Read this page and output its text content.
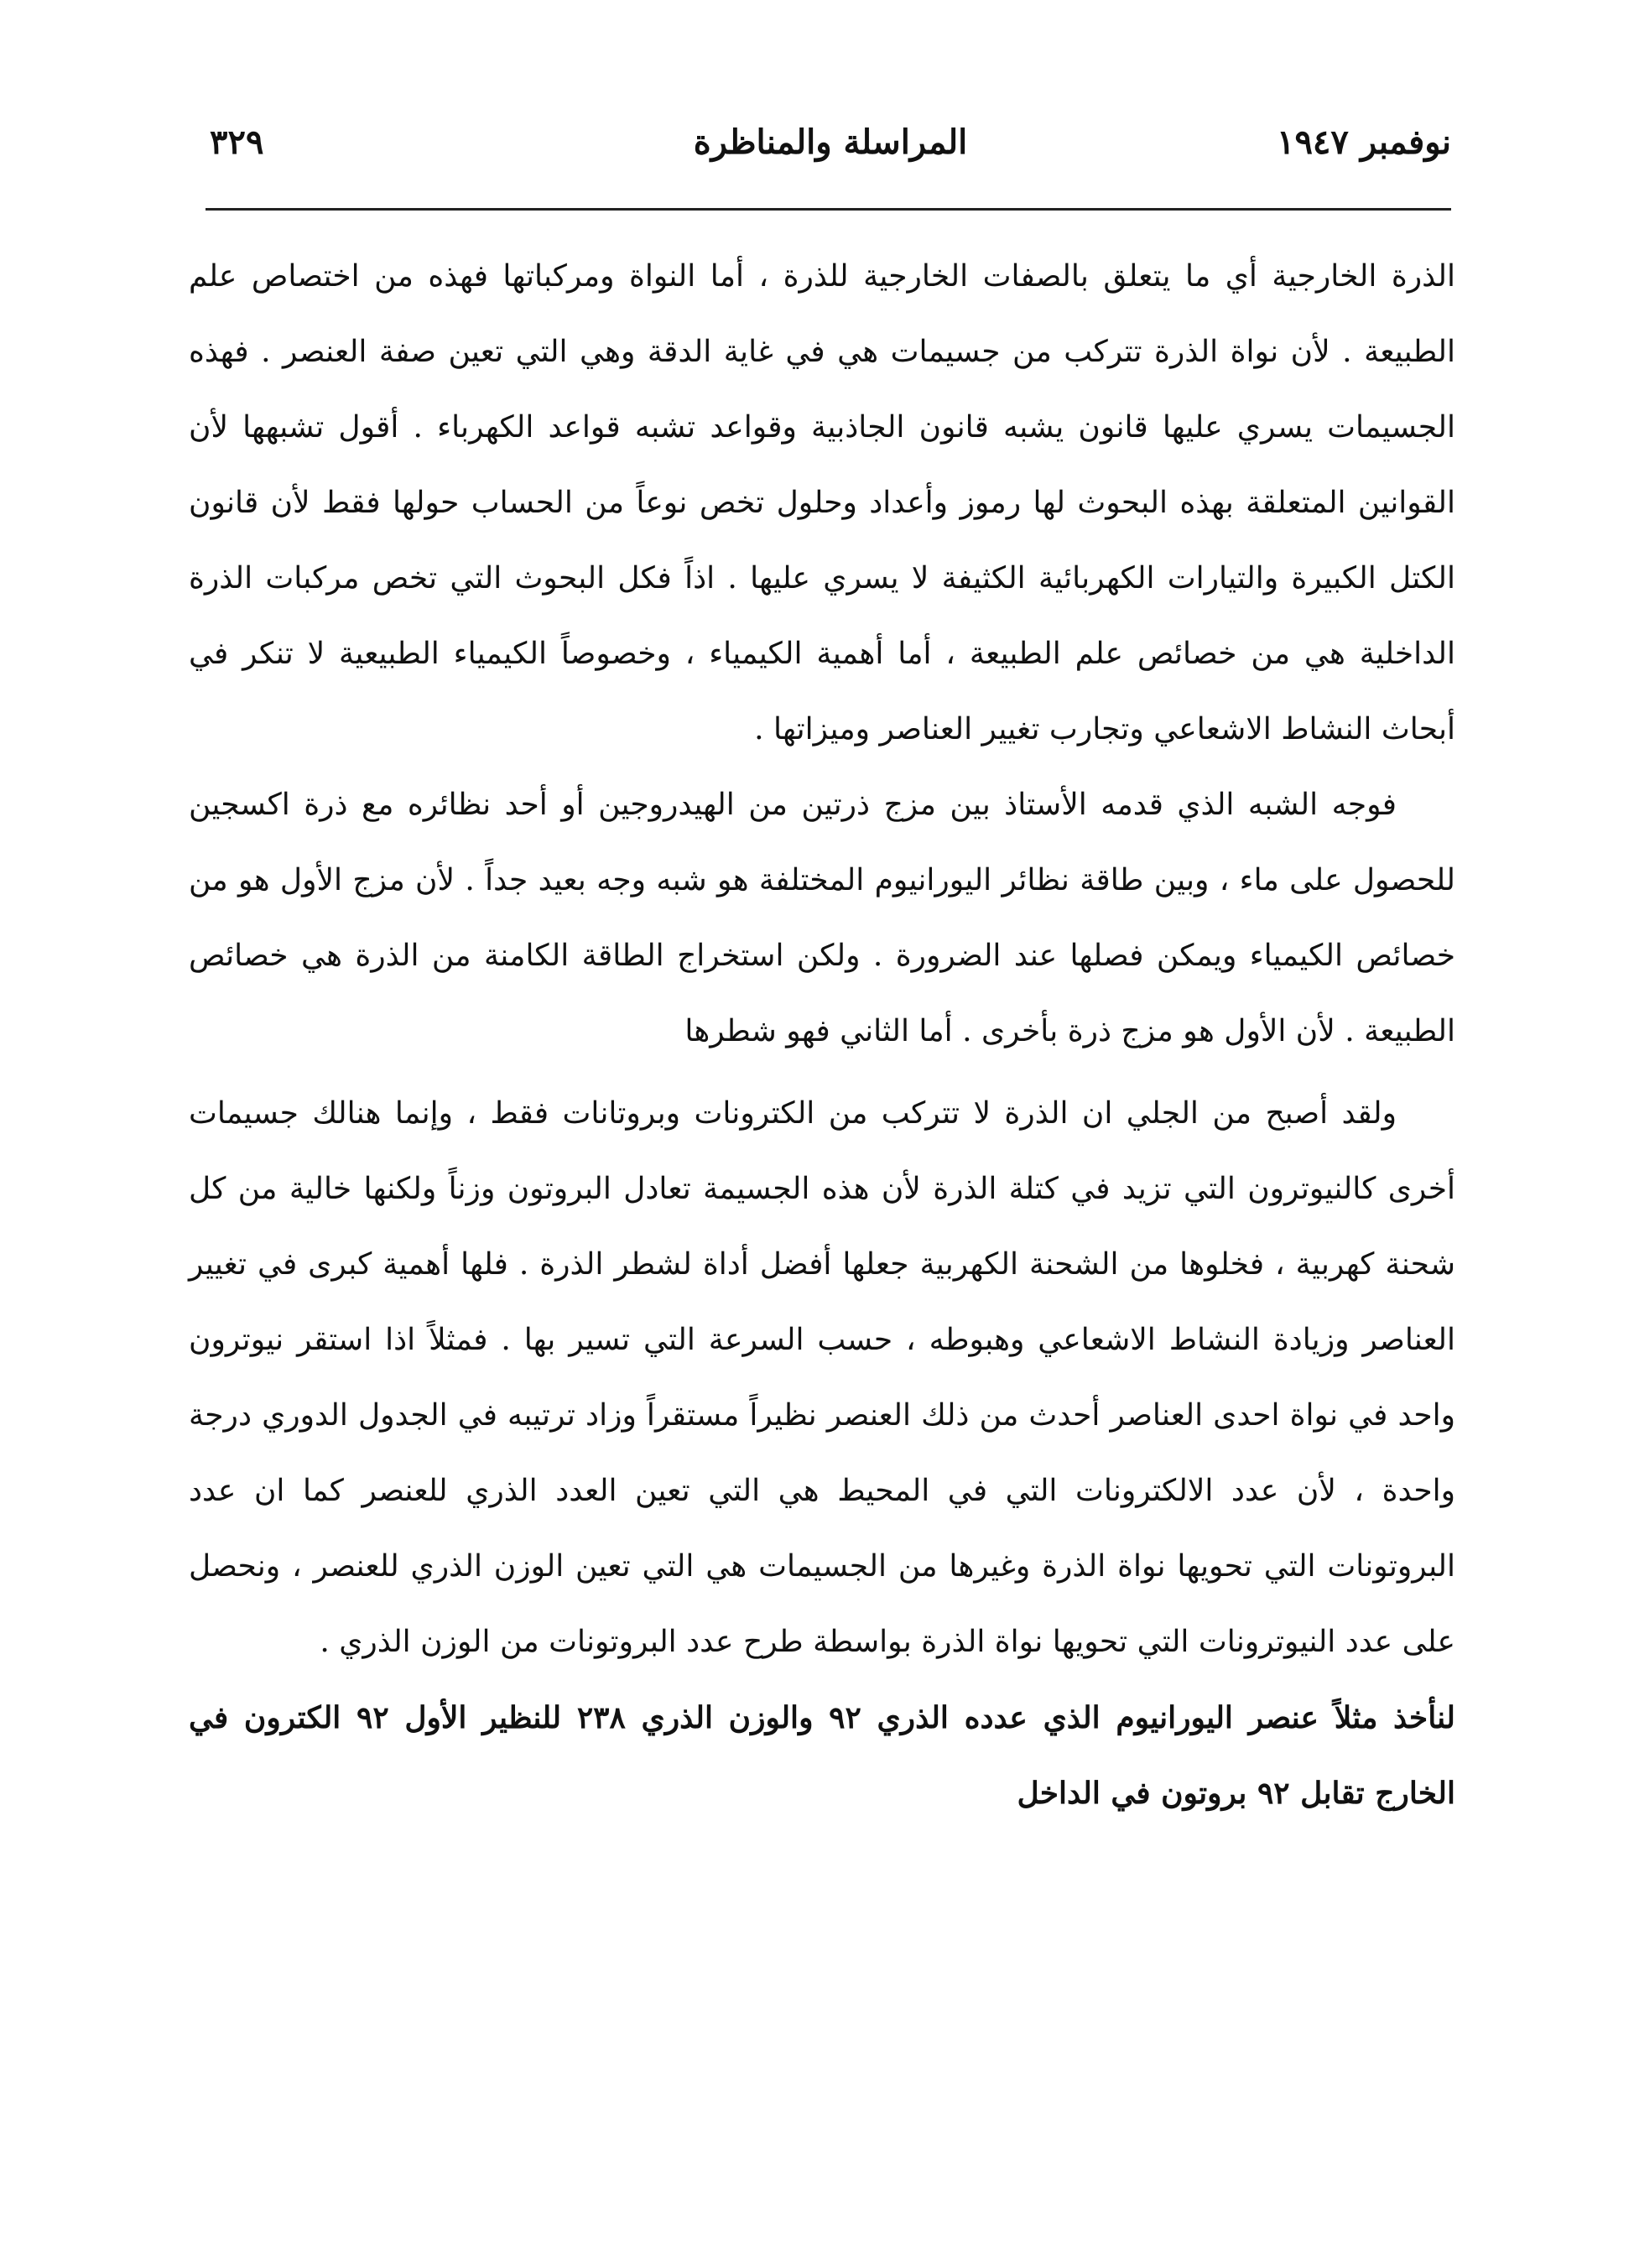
نوفمبر ١٩٤٧
المراسلة والمناظرة
٣٢٩

الذرة الخارجية أي ما يتعلق بالصفات الخارجية للذرة ، أما النواة ومركباتها فهذه من اختصاص علم الطبيعة . لأن نواة الذرة تتركب من جسيمات هي في غاية الدقة وهي التي تعين صفة العنصر . فهذه الجسيمات يسري عليها قانون يشبه قانون الجاذبية وقواعد تشبه قواعد الكهرباء . أقول تشبهها لأن القوانين المتعلقة بهذه البحوث لها رموز وأعداد وحلول تخص نوعاً من الحساب حولها فقط لأن قانون الكتل الكبيرة والتيارات الكهربائية الكثيفة لا يسري عليها . اذاً فكل البحوث التي تخص مركبات الذرة الداخلية هي من خصائص علم الطبيعة ، أما أهمية الكيمياء ، وخصوصاً الكيمياء الطبيعية لا تنكر في أبحاث النشاط الاشعاعي وتجارب تغيير العناصر وميزاتها .

فوجه الشبه الذي قدمه الأستاذ بين مزج ذرتين من الهيدروجين أو أحد نظائره مع ذرة اكسجين للحصول على ماء ، وبين طاقة نظائر اليورانيوم المختلفة هو شبه وجه بعيد جداً . لأن مزج الأول هو من خصائص الكيمياء ويمكن فصلها عند الضرورة . ولكن استخراج الطاقة الكامنة من الذرة هي خصائص الطبيعة . لأن الأول هو مزج ذرة بأخرى . أما الثاني فهو شطرها

ولقد أصبح من الجلي ان الذرة لا تتركب من الكترونات وبروتانات فقط ، وإنما هنالك جسيمات أخرى كالنيوترون التي تزيد في كتلة الذرة لأن هذه الجسيمة تعادل البروتون وزناً ولكنها خالية من كل شحنة كهربية ، فخلوها من الشحنة الكهربية جعلها أفضل أداة لشطر الذرة . فلها أهمية كبرى في تغيير العناصر وزيادة النشاط الاشعاعي وهبوطه ، حسب السرعة التي تسير بها . فمثلاً اذا استقر نيوترون واحد في نواة احدى العناصر أحدث من ذلك العنصر نظيراً مستقراً وزاد ترتيبه في الجدول الدوري درجة واحدة ، لأن عدد الالكترونات التي في المحيط هي التي تعين العدد الذري للعنصر كما ان عدد البروتونات التي تحويها نواة الذرة وغيرها من الجسيمات هي التي تعين الوزن الذري للعنصر ، ونحصل على عدد النيوترونات التي تحويها نواة الذرة بواسطة طرح عدد البروتونات من الوزن الذري .

لنأخذ مثلاً عنصر اليورانيوم الذي عدده الذري ٩٢ والوزن الذري ٢٣٨ للنظير الأول ٩٢ الكترون في الخارج تقابل ٩٢ بروتون في الداخل
